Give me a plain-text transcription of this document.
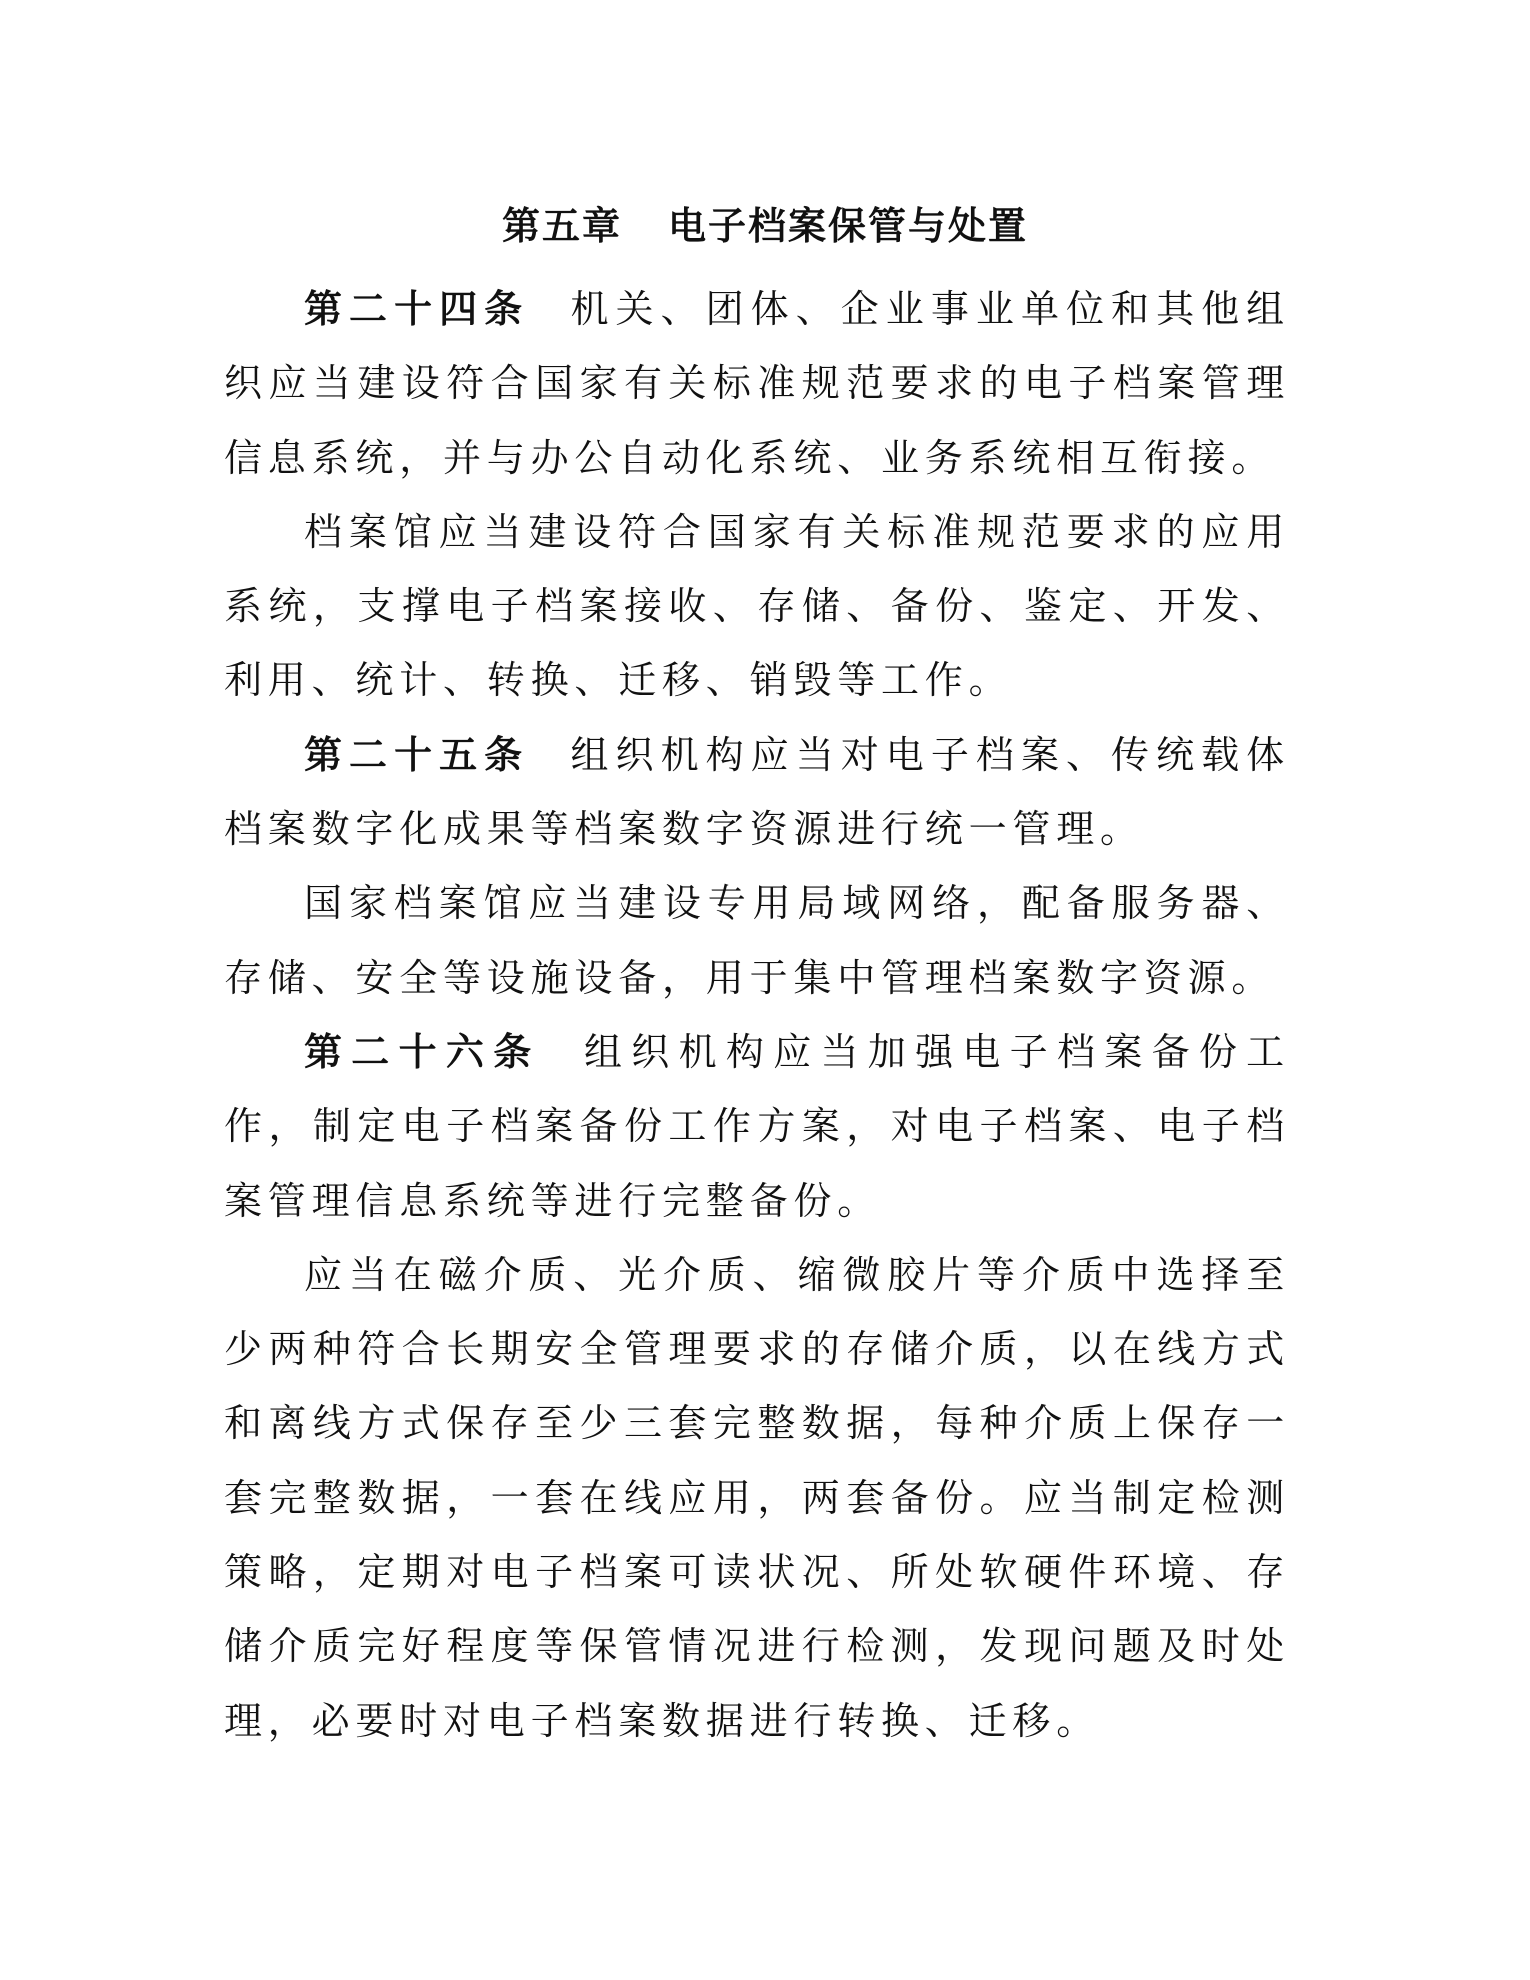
第五章 电子档案保管与处置

第二十四条 机关、团体、企业事业单位和其他组织应当建设符合国家有关标准规范要求的电子档案管理信息系统，并与办公自动化系统、业务系统相互衔接。

档案馆应当建设符合国家有关标准规范要求的应用系统，支撑电子档案接收、存储、备份、鉴定、开发、利用、统计、转换、迁移、销毁等工作。

第二十五条 组织机构应当对电子档案、传统载体档案数字化成果等档案数字资源进行统一管理。

国家档案馆应当建设专用局域网络，配备服务器、存储、安全等设施设备，用于集中管理档案数字资源。

第二十六条 组织机构应当加强电子档案备份工作，制定电子档案备份工作方案，对电子档案、电子档案管理信息系统等进行完整备份。

应当在磁介质、光介质、缩微胶片等介质中选择至少两种符合长期安全管理要求的存储介质，以在线方式和离线方式保存至少三套完整数据，每种介质上保存一套完整数据，一套在线应用，两套备份。应当制定检测策略，定期对电子档案可读状况、所处软硬件环境、存储介质完好程度等保管情况进行检测，发现问题及时处理，必要时对电子档案数据进行转换、迁移。
